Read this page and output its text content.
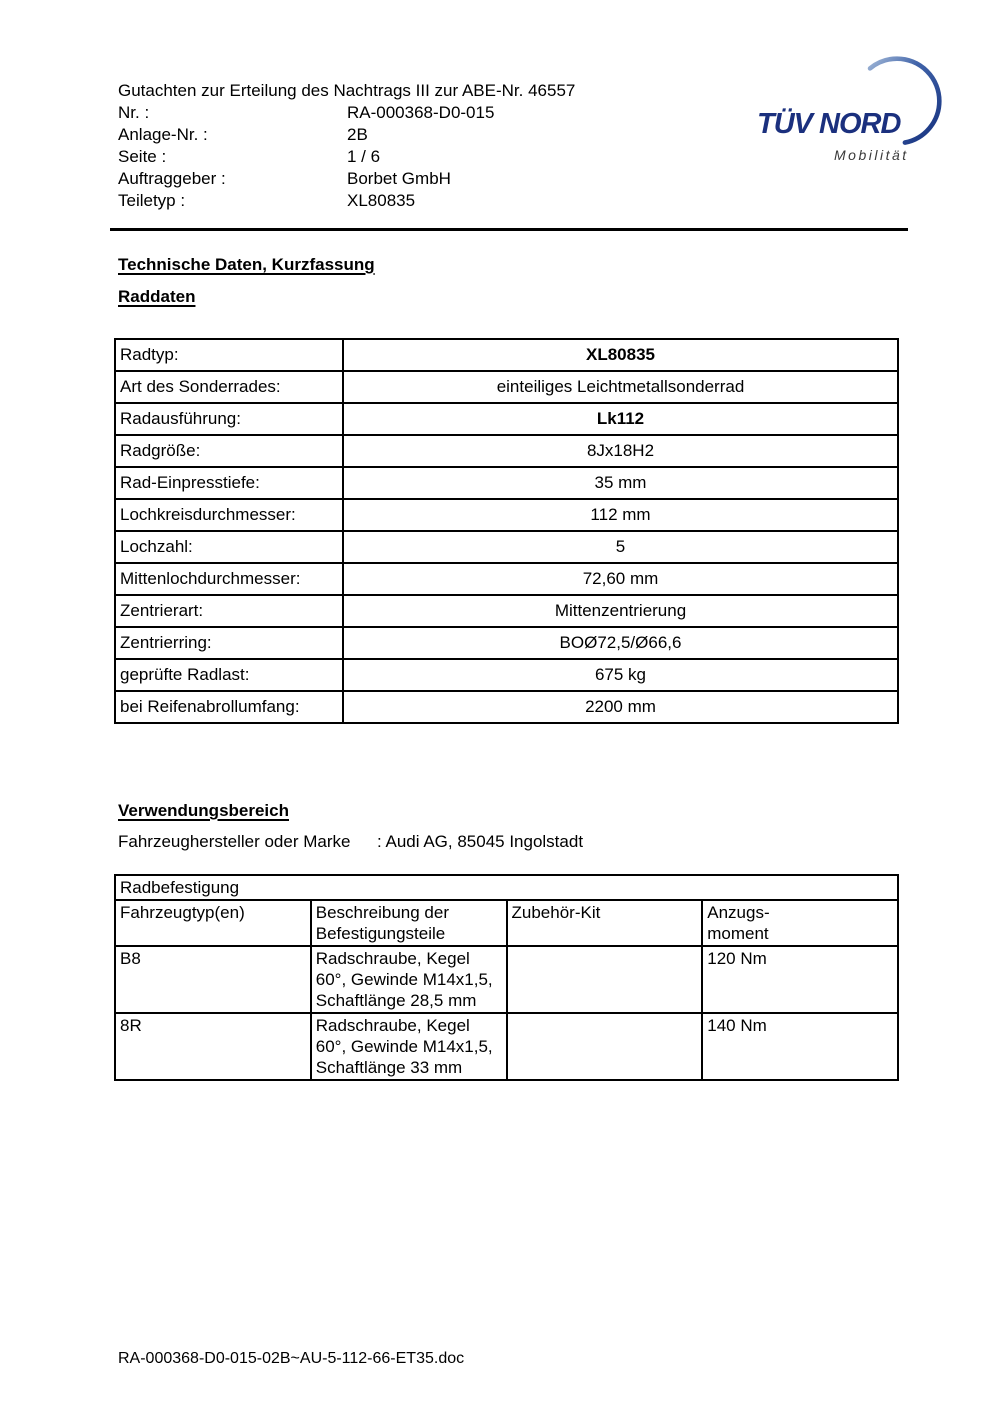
Gutachten zur Erteilung des Nachtrags III zur ABE-Nr. 46557
Nr. :	RA-000368-D0-015
Anlage-Nr. :	2B
Seite :	1 / 6
Auftraggeber :	Borbet GmbH
Teiletyp :	XL80835
TÜV NORD
Mobilität
Technische Daten, Kurzfassung
Raddaten
Radtyp:	XL80835
Art des Sonderrades:	einteiliges Leichtmetallsonderrad
Radausführung:	Lk112
Radgröße:	8Jx18H2
Rad-Einpresstiefe:	35 mm
Lochkreisdurchmesser:	112 mm
Lochzahl:	5
Mittenlochdurchmesser:	72,60 mm
Zentrierart:	Mittenzentrierung
Zentrierring:	BOØ72,5/Ø66,6
geprüfte Radlast:	675 kg
bei Reifenabrollumfang:	2200 mm
Verwendungsbereich
Fahrzeughersteller oder Marke	: Audi AG, 85045 Ingolstadt
Radbefestigung			
Fahrzeugtyp(en)	Beschreibung der Befestigungsteile	Zubehör-Kit	Anzugs-
moment

B8	Radschraube, Kegel 60°, Gewinde M14x1,5, Schaftlänge 28,5 mm		120 Nm
8R	Radschraube, Kegel 60°, Gewinde M14x1,5, Schaftlänge 33 mm		140 Nm
RA-000368-D0-015-02B~AU-5-112-66-ET35.doc
